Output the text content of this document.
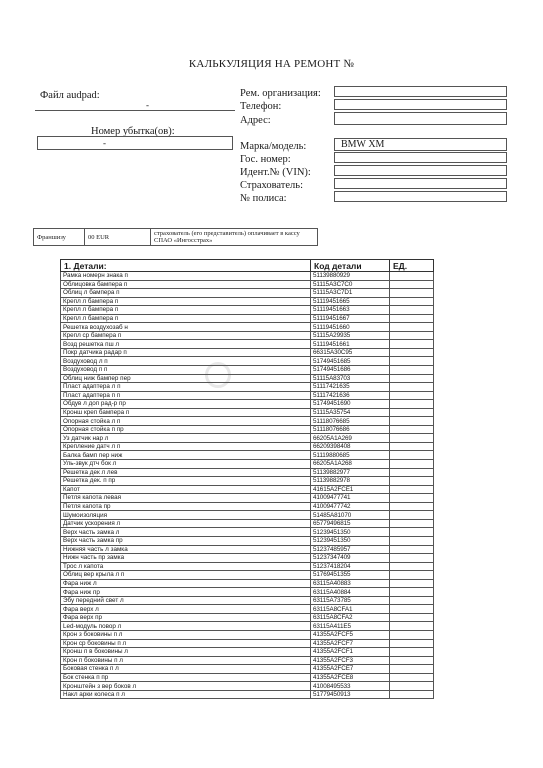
КАЛЬКУЛЯЦИЯ НА РЕМОНТ №
Файл audpad:
-
Номер убытка(ов):
-
Рем. организация:
Телефон:
Адрес:
Марка/модель:	BMW XM
Гос. номер:
Идент.№ (VIN):
Страхователь:
№ полиса:
Франшизу	00 EUR	страхователь (его представитель) оплачивает в кассу СПАО «Ингосстрах»
1. Детали:	Код детали	ЕД.
Рамка номерн знака п	51139880929	
Облицовка бампера п	51115A3C7C0	
Облиц л бампера п	51115A3C7D1	
Крепл л бампера п	51119451665	
Крепл л бампера п	51119451663	
Крепл л бампера п	51119451667	
Решетка воздухозаб н	51119451660	
Крепл ср бампера п	51115A29935	
Возд решетка пш л	51119451661	
Покр датчика радар п	66315A30C95	
Воздуховод л п	51749451685	
Воздуховод п п	51749451686	
Облиц ниж бампер пер	51115A83703	
Пласт адаптера л п	51117421635	
Пласт адаптера п п	51117421636	
Обдув л доп рад-р пр	51749451690	
Кронш креп бампера п	51115A35754	
Опорная стойка л п	51118076685	
Опорная стойка п пр	51118076686	
Уз датчик нар л	66205A1A269	
Крепление датч л п	66209398408	
Балка бамп пер ниж	51119880685	
Уль-звук дтч бок л	66205A1A268	
Решетка дек л лев	51139882977	
Решетка дек. п пр	51139882978	
Капот	41615A2FCE1	
Петля капота левая	41009477741	
Петля капота пр	41009477742	
Шумоизоляция	51485A81070	
Датчик ускорения л	65779496815	
Верх часть замка л	51239451350	
Верх часть замка пр	51239451350	
Нижняя часть л замка	51237485957	
Нижн часть пр замка	51237347409	
Трос л капота	51237418204	
Облиц вер крыла л п	51769451355	
Фара ниж л	63115A40883	
Фара ниж пр	63115A40884	
Эбу передний свет л	63115A73785	
Фара верх л	63115A8CFA1	
Фара верх пр	63115A8CFA2	
Led-модуль повор л	63115A411E5	
Крон з боковины п л	41355A2FCF5	
Крон ср боковины п л	41355A2FCF7	
Кронш п в боковины л	41355A2FCF1	
Крон п боковины п л	41355A2FCF3	
Боковая стенка п л	41355A2FCE7	
Бок стенка п пр	41355A2FCE8	
Кронштейн з вер боков л	41008495533	
Накл арки колеса п л	51779450913	
